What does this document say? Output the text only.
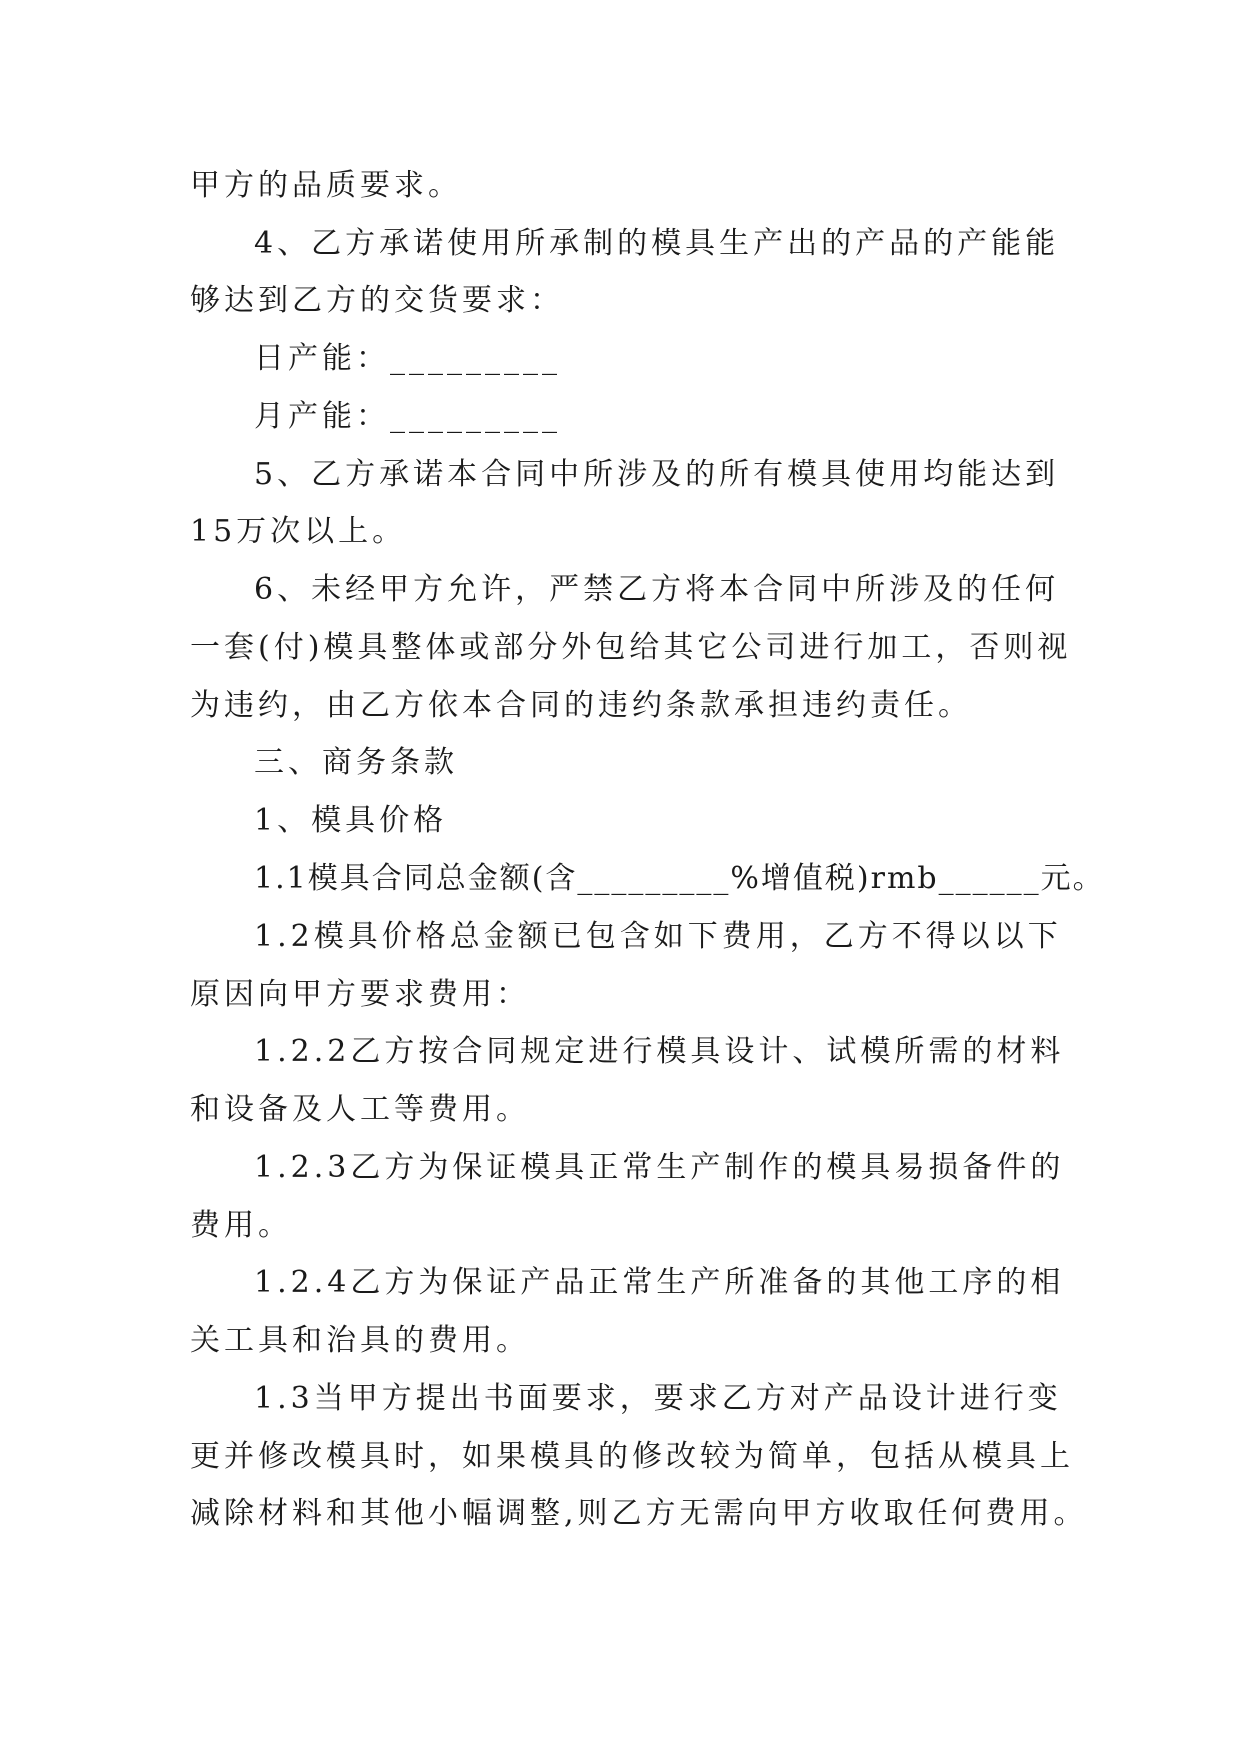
甲方的品质要求。
4、乙方承诺使用所承制的模具生产出的产品的产能能
够达到乙方的交货要求：
日产能：_________
月产能：_________
5、乙方承诺本合同中所涉及的所有模具使用均能达到
15万次以上。
6、未经甲方允许，严禁乙方将本合同中所涉及的任何
一套(付)模具整体或部分外包给其它公司进行加工，否则视
为违约，由乙方依本合同的违约条款承担违约责任。
三、商务条款
1、模具价格
1.1模具合同总金额(含_________%增值税)rmb______元。
1.2模具价格总金额已包含如下费用，乙方不得以以下
原因向甲方要求费用：
1.2.2乙方按合同规定进行模具设计、试模所需的材料
和设备及人工等费用。
1.2.3乙方为保证模具正常生产制作的模具易损备件的
费用。
1.2.4乙方为保证产品正常生产所准备的其他工序的相
关工具和治具的费用。
1.3当甲方提出书面要求，要求乙方对产品设计进行变
更并修改模具时，如果模具的修改较为简单，包括从模具上
减除材料和其他小幅调整,则乙方无需向甲方收取任何费用。
